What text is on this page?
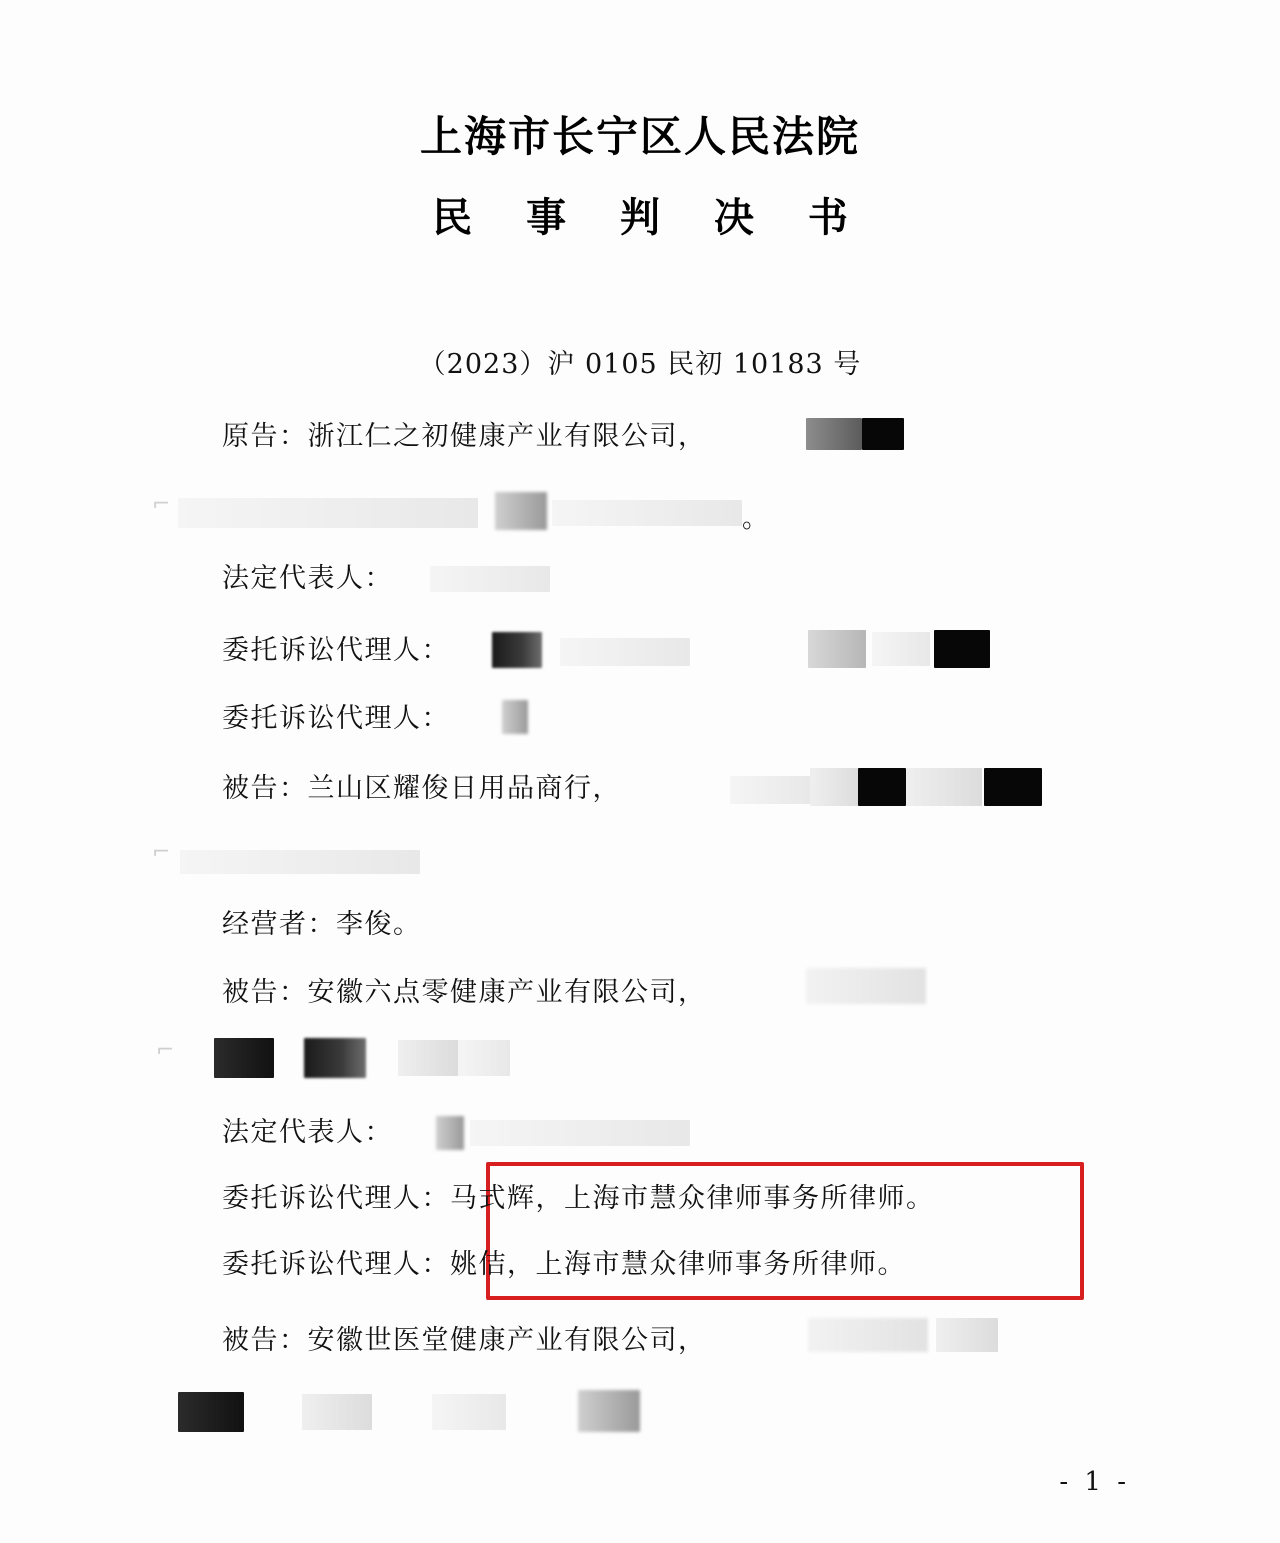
上海市长宁区人民法院
民 事 判 决 书
（2023）沪 0105 民初 10183 号
原告：浙江仁之初健康产业有限公司，
⌐	。
法定代表人：
委托诉讼代理人：
委托诉讼代理人：
被告：兰山区耀俊日用品商行，
⌐
经营者：李俊。
被告：安徽六点零健康产业有限公司，
⌐
法定代表人：
委托诉讼代理人：马式辉，上海市慧众律师事务所律师。
委托诉讼代理人：姚佶，上海市慧众律师事务所律师。
被告：安徽世医堂健康产业有限公司，
- 1 -
